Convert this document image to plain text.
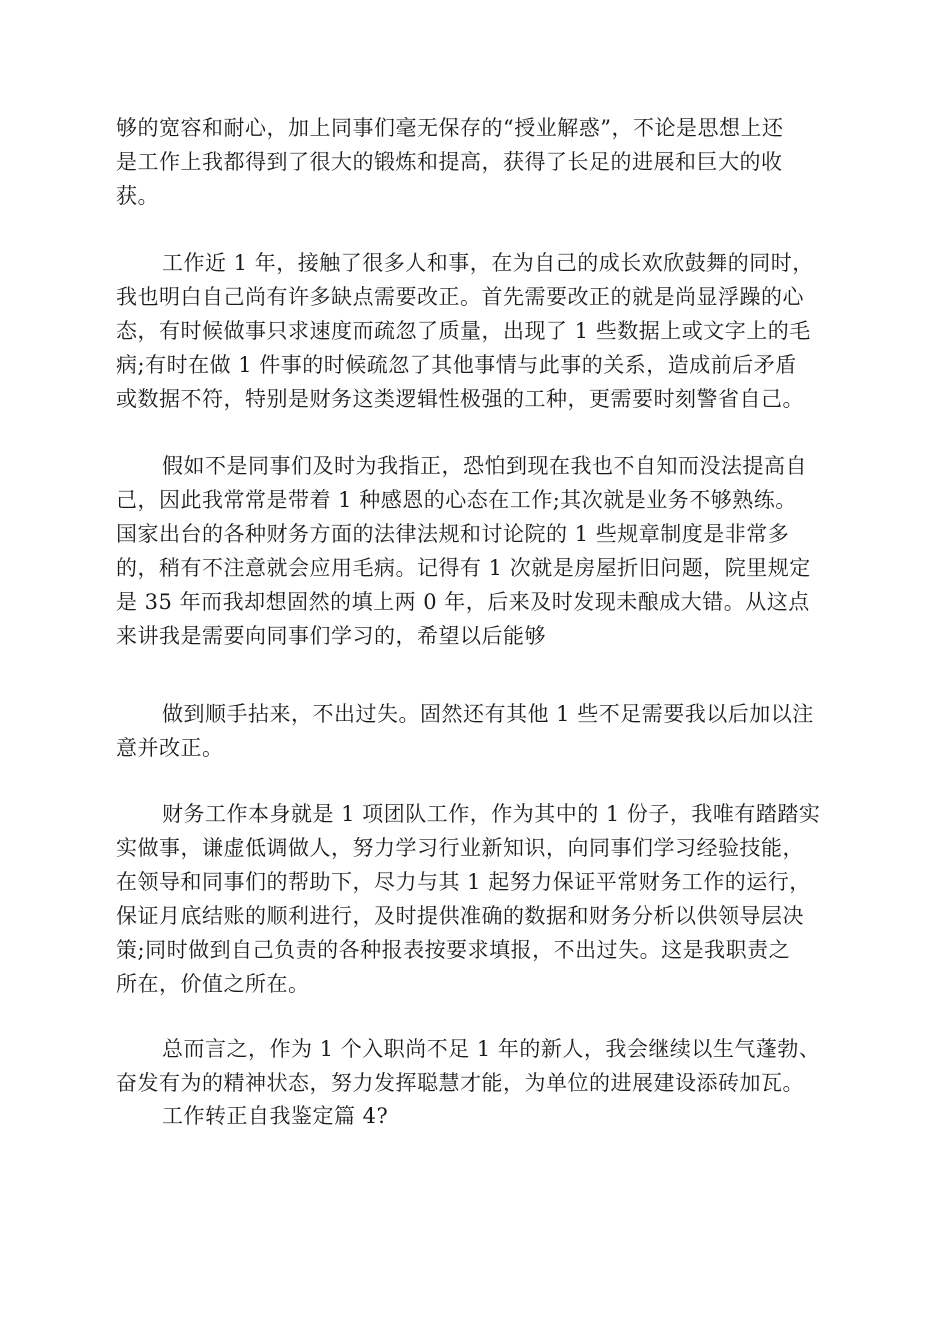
够的宽容和耐心，加上同事们毫无保存的“授业解惑”，不论是思想上还
是工作上我都得到了很大的锻炼和提高，获得了长足的进展和巨大的收
获。
工作近 1 年，接触了很多人和事，在为自己的成长欢欣鼓舞的同时，
我也明白自己尚有许多缺点需要改正。首先需要改正的就是尚显浮躁的心
态，有时候做事只求速度而疏忽了质量，出现了 1 些数据上或文字上的毛
病;有时在做 1 件事的时候疏忽了其他事情与此事的关系，造成前后矛盾
或数据不符，特别是财务这类逻辑性极强的工种，更需要时刻警省自己。
假如不是同事们及时为我指正，恐怕到现在我也不自知而没法提高自
己，因此我常常是带着 1 种感恩的心态在工作;其次就是业务不够熟练。
国家出台的各种财务方面的法律法规和讨论院的 1 些规章制度是非常多
的，稍有不注意就会应用毛病。记得有 1 次就是房屋折旧问题，院里规定
是 35 年而我却想固然的填上两 0 年，后来及时发现未酿成大错。从这点
来讲我是需要向同事们学习的，希望以后能够
做到顺手拈来，不出过失。固然还有其他 1 些不足需要我以后加以注
意并改正。
财务工作本身就是 1 项团队工作，作为其中的 1 份子，我唯有踏踏实
实做事，谦虚低调做人，努力学习行业新知识，向同事们学习经验技能，
在领导和同事们的帮助下，尽力与其 1 起努力保证平常财务工作的运行，
保证月底结账的顺利进行，及时提供准确的数据和财务分析以供领导层决
策;同时做到自己负责的各种报表按要求填报，不出过失。这是我职责之
所在，价值之所在。
总而言之，作为 1 个入职尚不足 1 年的新人，我会继续以生气蓬勃、
奋发有为的精神状态，努力发挥聪慧才能，为单位的进展建设添砖加瓦。
工作转正自我鉴定篇 4?
